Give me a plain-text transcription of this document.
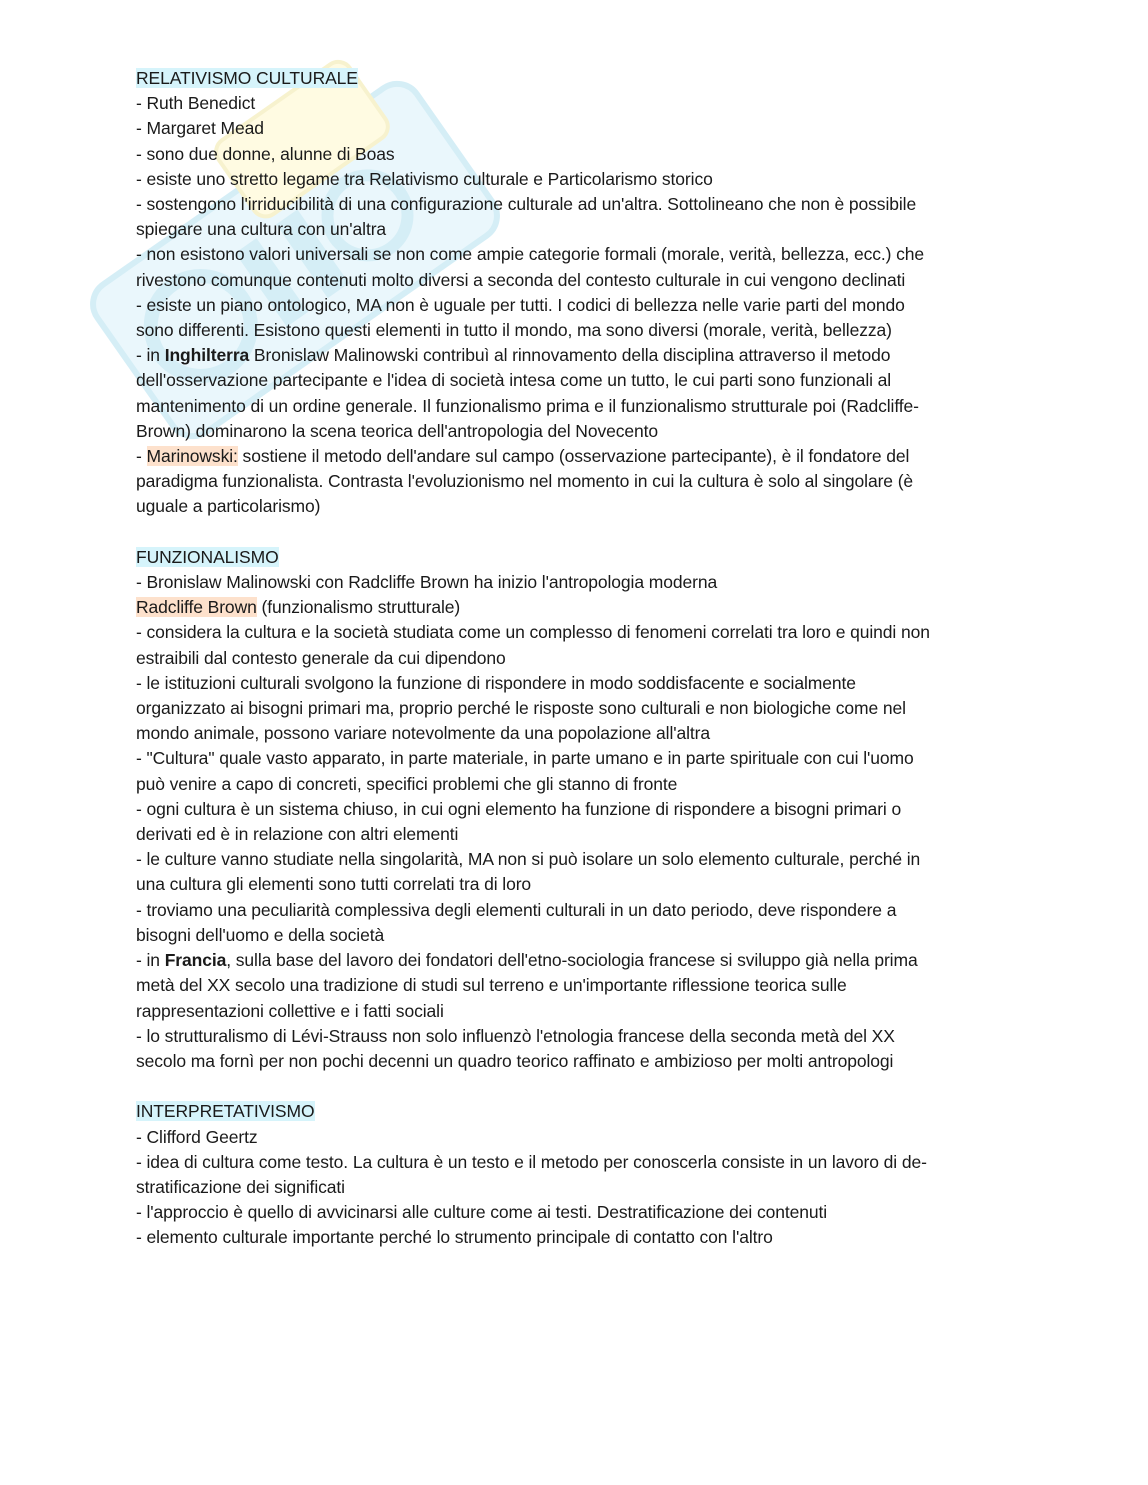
RELATIVISMO CULTURALE
- Ruth Benedict
- Margaret Mead
- sono due donne, alunne di Boas
- esiste uno stretto legame tra Relativismo culturale e Particolarismo storico
- sostengono l'irriducibilità di una configurazione culturale ad un'altra. Sottolineano che non è possibile
spiegare una cultura con un'altra
- non esistono valori universali se non come ampie categorie formali (morale, verità, bellezza, ecc.) che
rivestono comunque contenuti molto diversi a seconda del contesto culturale in cui vengono declinati
- esiste un piano ontologico, MA non è uguale per tutti. I codici di bellezza nelle varie parti del mondo
sono differenti. Esistono questi elementi in tutto il mondo, ma sono diversi (morale, verità, bellezza)
- in Inghilterra Bronislaw Malinowski contribuì al rinnovamento della disciplina attraverso il metodo
dell'osservazione partecipante e l'idea di società intesa come un tutto, le cui parti sono funzionali al
mantenimento di un ordine generale. Il funzionalismo prima e il funzionalismo strutturale poi (Radcliffe-
Brown) dominarono la scena teorica dell'antropologia del Novecento
- Marinowski: sostiene il metodo dell'andare sul campo (osservazione partecipante), è il fondatore del
paradigma funzionalista. Contrasta l'evoluzionismo nel momento in cui la cultura è solo al singolare (è
uguale a particolarismo)
FUNZIONALISMO
- Bronislaw Malinowski con Radcliffe Brown ha inizio l'antropologia moderna
Radcliffe Brown (funzionalismo strutturale)
- considera la cultura e la società studiata come un complesso di fenomeni correlati tra loro e quindi non
estraibili dal contesto generale da cui dipendono
- le istituzioni culturali svolgono la funzione di rispondere in modo soddisfacente e socialmente
organizzato ai bisogni primari ma, proprio perché le risposte sono culturali e non biologiche come nel
mondo animale, possono variare notevolmente da una popolazione all'altra
- "Cultura" quale vasto apparato, in parte materiale, in parte umano e in parte spirituale con cui l'uomo
può venire a capo di concreti, specifici problemi che gli stanno di fronte
- ogni cultura è un sistema chiuso, in cui ogni elemento ha funzione di rispondere a bisogni primari o
derivati ed è in relazione con altri elementi
- le culture vanno studiate nella singolarità, MA non si può isolare un solo elemento culturale, perché in
una cultura gli elementi sono tutti correlati tra di loro
- troviamo una peculiarità complessiva degli elementi culturali in un dato periodo, deve rispondere a
bisogni dell'uomo e della società
- in Francia, sulla base del lavoro dei fondatori dell'etno-sociologia francese si sviluppo già nella prima
metà del XX secolo una tradizione di studi sul terreno e un'importante riflessione teorica sulle
rappresentazioni collettive e i fatti sociali
- lo strutturalismo di Lévi-Strauss non solo influenzò l'etnologia francese della seconda metà del XX
secolo ma fornì per non pochi decenni un quadro teorico raffinato e ambizioso per molti antropologi
INTERPRETATIVISMO
- Clifford Geertz
- idea di cultura come testo. La cultura è un testo e il metodo per conoscerla consiste in un lavoro di de-
stratificazione dei significati
- l'approccio è quello di avvicinarsi alle culture come ai testi. Destratificazione dei contenuti
- elemento culturale importante perché lo strumento principale di contatto con l'altro
